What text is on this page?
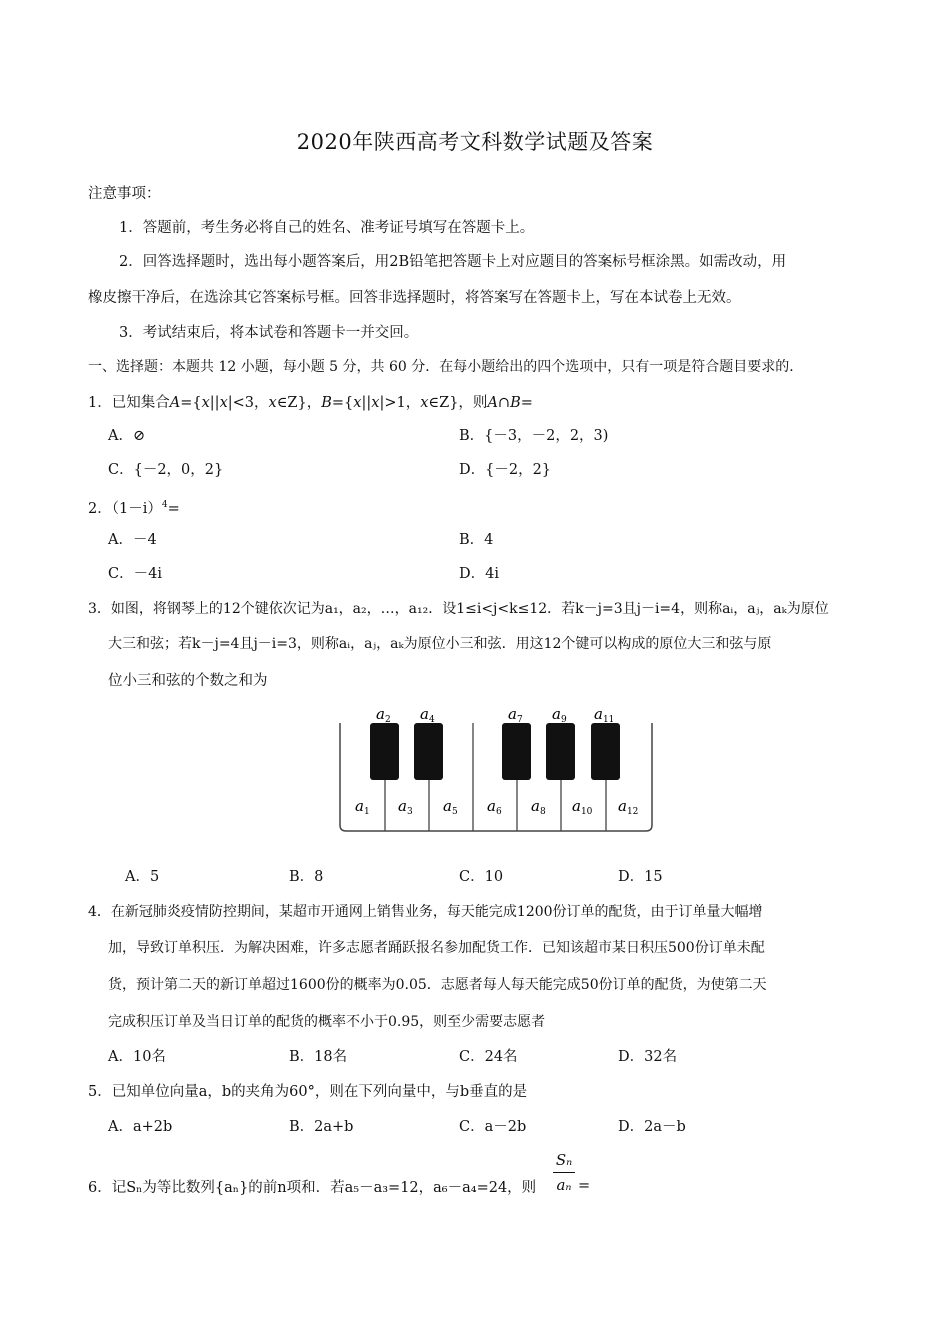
2020年陕西高考文科数学试题及答案
注意事项：
1．答题前，考生务必将自己的姓名、准考证号填写在答题卡上。
2．回答选择题时，选出每小题答案后，用2B铅笔把答题卡上对应题目的答案标号框涂黑。如需改动，用
橡皮擦干净后，在选涂其它答案标号框。回答非选择题时，将答案写在答题卡上，写在本试卷上无效。
3．考试结束后，将本试卷和答题卡一并交回。
一、选择题：本题共 12 小题，每小题 5 分，共 60 分．在每小题给出的四个选项中，只有一项是符合题目要求的．
1．已知集合A={x||x|<3，x∈Z}，B={x||x|>1，x∈Z}，则A∩B=
A．⊘	B．{－3，－2，2，3)
C．{－2，0，2}	D．{－2，2}
2．$(1-i)^4=$
A．－4	B．4
C．－4i	D．4i
3．如图，将钢琴上的12个键依次记为a₁，a₂，…，a₁₂．设1≤i<j<k≤12．若k－j=3且j－i=4，则称aᵢ，aⱼ，aₖ为原位
大三和弦；若k－j=4且j－i=3，则称aᵢ，aⱼ，aₖ为原位小三和弦．用这12个键可以构成的原位大三和弦与原
位小三和弦的个数之和为
$a_2$ $a_4$	$a_7$ $a_9$ $a_{11}$
$a_1$ $a_3$ $a_5$ $a_6$ $a_8$ $a_{10}$ $a_{12}$
A．5	B．8	C．10	D．15
4．在新冠肺炎疫情防控期间，某超市开通网上销售业务，每天能完成1200份订单的配货，由于订单量大幅增
加，导致订单积压．为解决困难，许多志愿者踊跃报名参加配货工作．已知该超市某日积压500份订单未配
货，预计第二天的新订单超过1600份的概率为0.05．志愿者每人每天能完成50份订单的配货，为使第二天
完成积压订单及当日订单的配货的概率不小于0.95，则至少需要志愿者
A．10名	B．18名	C．24名	D．32名
5．已知单位向量a，b的夹角为60°，则在下列向量中，与b垂直的是
A．a+2b	B．2a+b	C．a－2b	D．2a－b
6．记Sₙ为等比数列{aₙ}的前n项和．若a₅－a₃=12，a₆－a₄=24，则
Sₙ
aₙ =
